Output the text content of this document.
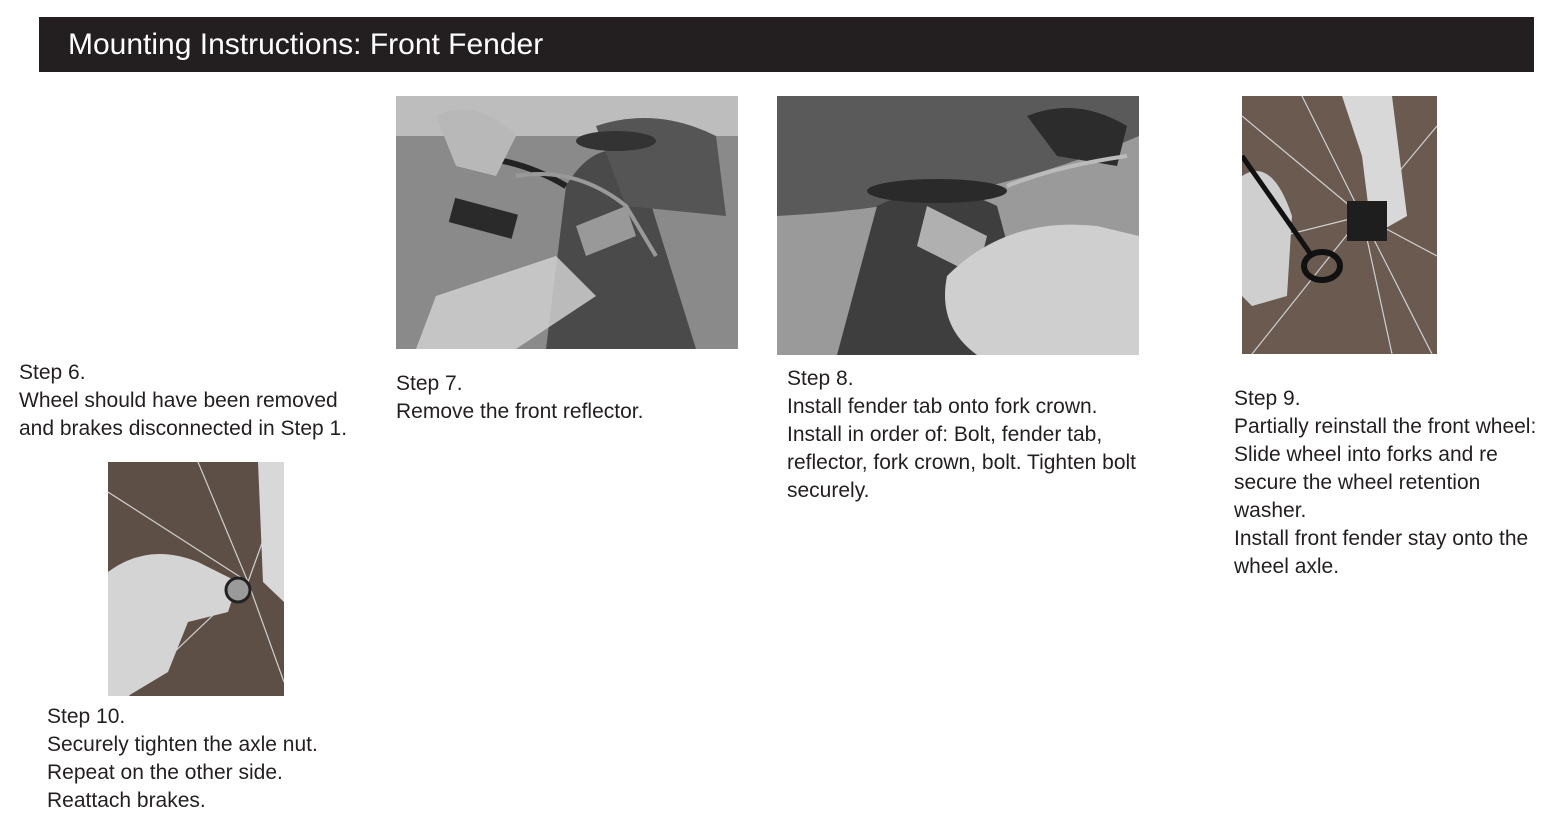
Mounting Instructions: Front Fender
Step 6.
Wheel should have been removed
and brakes disconnected in Step 1.
Step 7.
Remove the front reflector.
Step 8.
Install fender tab onto fork crown.
Install in order of: Bolt, fender tab,
reflector, fork crown, bolt. Tighten bolt
securely.
Step 9.
Partially reinstall the front wheel:
Slide wheel into forks and re
secure the wheel retention
washer.
Install front fender stay onto the
wheel axle.
Step 10.
Securely tighten the axle nut.
Repeat on the other side.
Reattach brakes.
